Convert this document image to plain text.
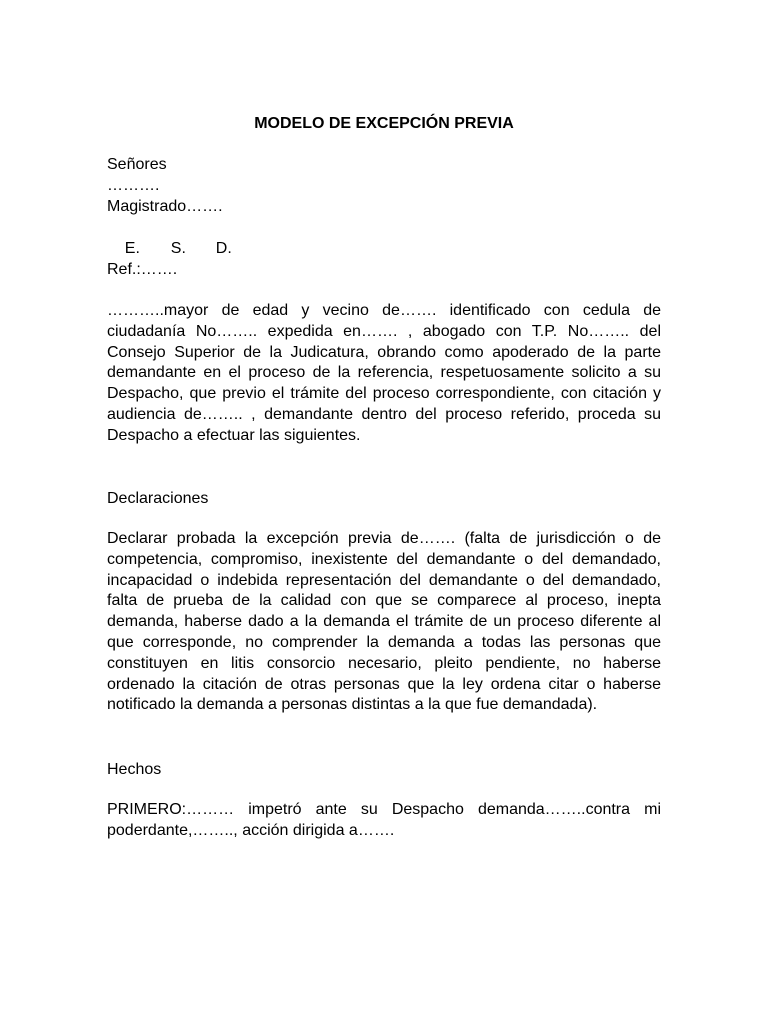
MODELO DE EXCEPCIÓN PREVIA
Señores
……….
Magistrado…….

E. S. D.

Ref.:…….
………..mayor de edad y vecino de……. identificado con cedula de ciudadanía No…….. expedida en……. , abogado con T.P. No…….. del Consejo Superior de la Judicatura, obrando como apoderado de la parte demandante en el proceso de la referencia, respetuosamente solicito a su Despacho, que previo el trámite del proceso correspondiente, con citación y audiencia de…….. , demandante dentro del proceso referido, proceda su Despacho a efectuar las siguientes.
Declaraciones
Declarar probada la excepción previa de……. (falta de jurisdicción o de competencia, compromiso, inexistente del demandante o del demandado, incapacidad o indebida representación del demandante o del demandado, falta de prueba de la calidad con que se comparece al proceso, inepta demanda, haberse dado a la demanda el trámite de un proceso diferente al que corresponde, no comprender la demanda a todas las personas que constituyen en litis consorcio necesario, pleito pendiente, no haberse ordenado la citación de otras personas que la ley ordena citar o haberse notificado la demanda a personas distintas a la que fue demandada).
Hechos
PRIMERO:……… impetró ante su Despacho demanda……..contra mi poderdante,…….., acción dirigida a…….
